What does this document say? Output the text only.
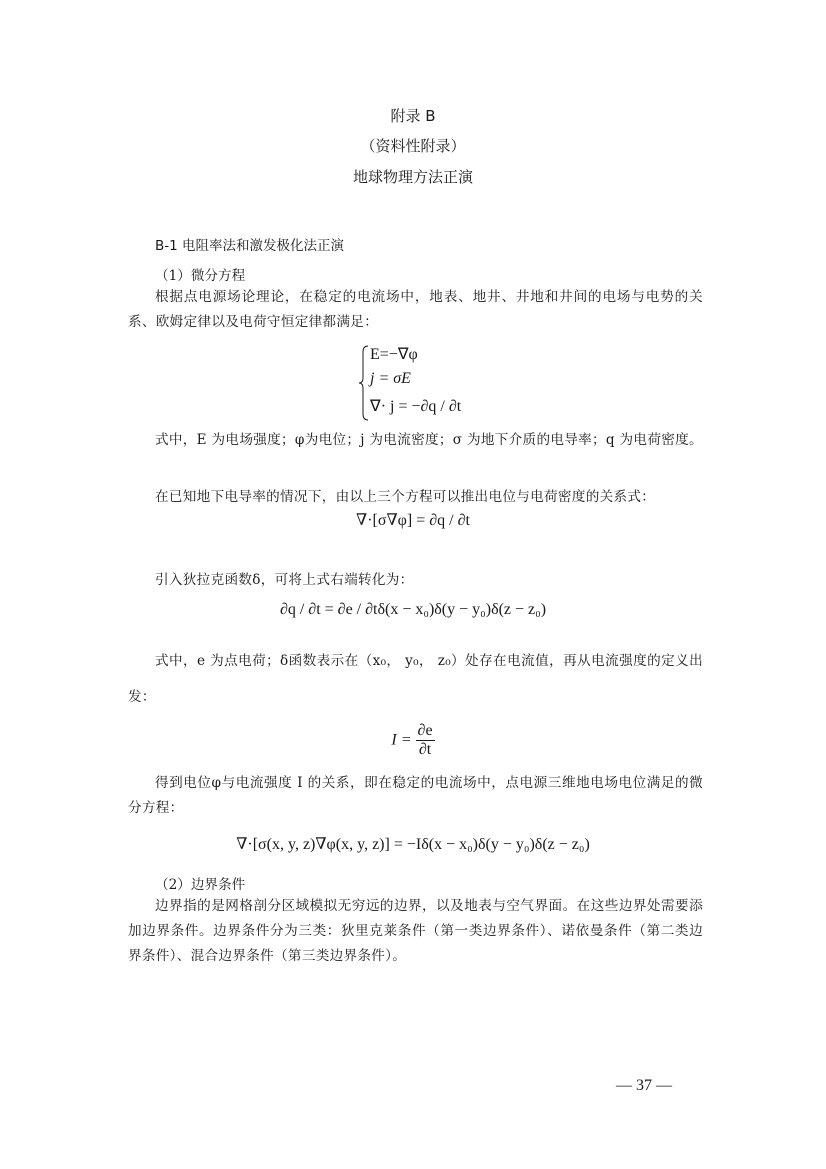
附录 B
（资料性附录）
地球物理方法正演
B-1 电阻率法和激发极化法正演
（1）微分方程
根据点电源场论理论，在稳定的电流场中，地表、地井、井地和井间的电场与电势的关系、欧姆定律以及电荷守恒定律都满足：
E=−∇φ
j = σE
∇· j = −∂q / ∂t
式中，E 为电场强度；φ为电位；j 为电流密度；σ 为地下介质的电导率；q 为电荷密度。
在已知地下电导率的情况下，由以上三个方程可以推出电位与电荷密度的关系式：
∇·[σ∇φ] = ∂q / ∂t
引入狄拉克函数δ，可将上式右端转化为：
∂q / ∂t = ∂e / ∂tδ(x − x₀)δ(y − y₀)δ(z − z₀)
式中，e 为点电荷；δ函数表示在（x₀， y₀， z₀）处存在电流值，再从电流强度的定义出发：
$I = \frac{\partial e}{\partial t}$
得到电位φ与电流强度 I 的关系，即在稳定的电流场中，点电源三维地电场电位满足的微分方程：
∇·[σ(x, y, z)∇φ(x, y, z)] = −Iδ(x − x₀)δ(y − y₀)δ(z − z₀)
（2）边界条件
边界指的是网格剖分区域模拟无穷远的边界，以及地表与空气界面。在这些边界处需要添加边界条件。边界条件分为三类：狄里克莱条件（第一类边界条件）、诺依曼条件（第二类边界条件）、混合边界条件（第三类边界条件）。
— 37 —
